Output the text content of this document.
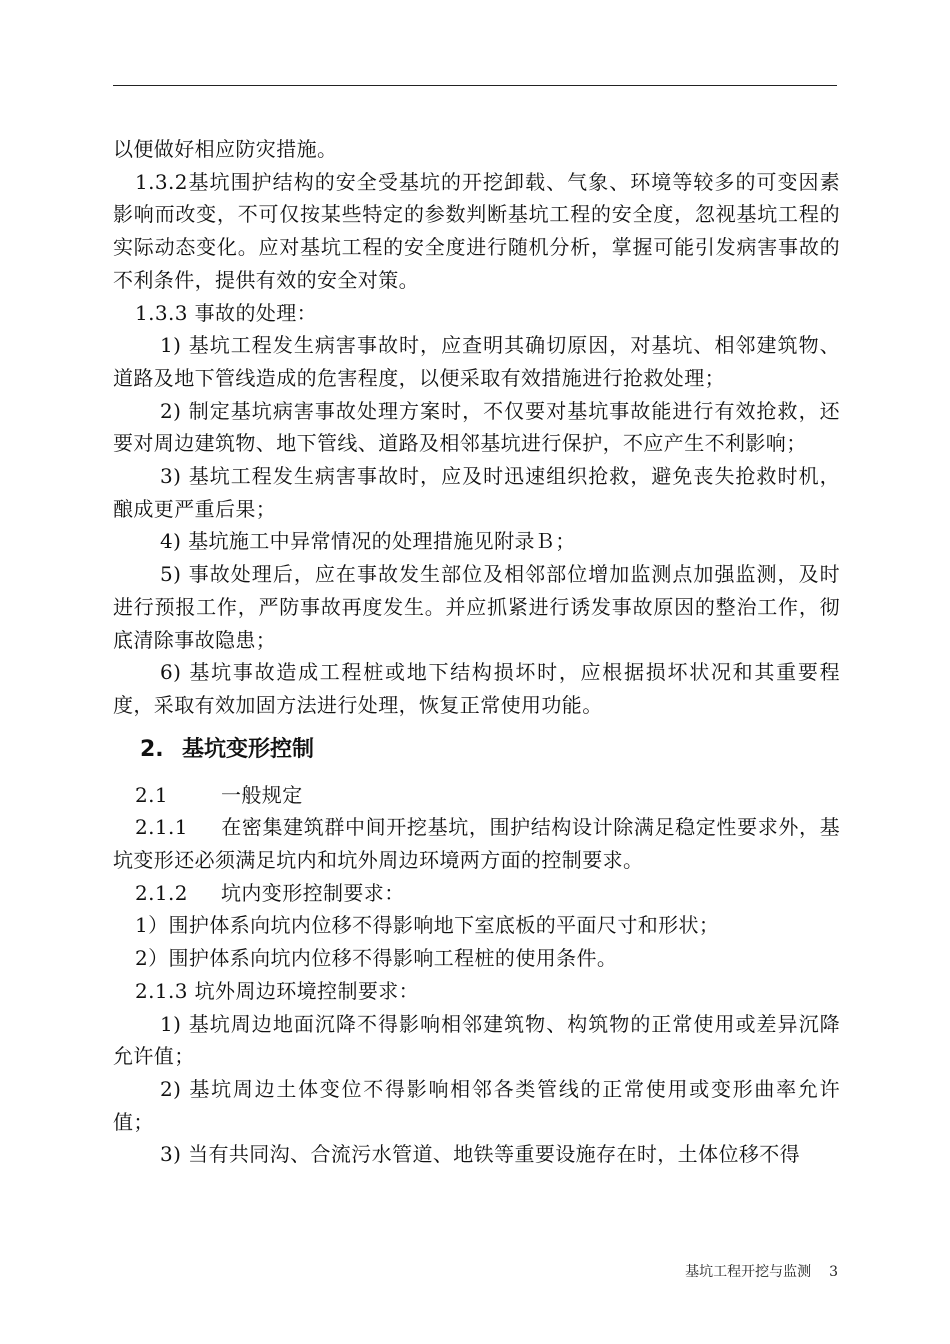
以便做好相应防灾措施。

1.3.2基坑围护结构的安全受基坑的开挖卸载、气象、环境等较多的可变因素影响而改变，不可仅按某些特定的参数判断基坑工程的安全度，忽视基坑工程的实际动态变化。应对基坑工程的安全度进行随机分析，掌握可能引发病害事故的不利条件，提供有效的安全对策。

1.3.3 事故的处理：

1) 基坑工程发生病害事故时，应查明其确切原因，对基坑、相邻建筑物、道路及地下管线造成的危害程度，以便采取有效措施进行抢救处理；

2) 制定基坑病害事故处理方案时，不仅要对基坑事故能进行有效抢救，还要对周边建筑物、地下管线、道路及相邻基坑进行保护，不应产生不利影响；

3) 基坑工程发生病害事故时，应及时迅速组织抢救，避免丧失抢救时机，酿成更严重后果；

4) 基坑施工中异常情况的处理措施见附录Ｂ；

5) 事故处理后，应在事故发生部位及相邻部位增加监测点加强监测，及时进行预报工作，严防事故再度发生。并应抓紧进行诱发事故原因的整治工作，彻底清除事故隐患；

6) 基坑事故造成工程桩或地下结构损坏时，应根据损坏状况和其重要程度，采取有效加固方法进行处理，恢复正常使用功能。

2. 基坑变形控制

2.1	一般规定

2.1.1 在密集建筑群中间开挖基坑，围护结构设计除满足稳定性要求外，基坑变形还必须满足坑内和坑外周边环境两方面的控制要求。

2.1.2 坑内变形控制要求：

1）围护体系向坑内位移不得影响地下室底板的平面尺寸和形状；

2）围护体系向坑内位移不得影响工程桩的使用条件。

2.1.3 坑外周边环境控制要求：

1) 基坑周边地面沉降不得影响相邻建筑物、构筑物的正常使用或差异沉降允许值；

2) 基坑周边土体变位不得影响相邻各类管线的正常使用或变形曲率允许值；

3) 当有共同沟、合流污水管道、地铁等重要设施存在时，土体位移不得

基坑工程开挖与监测 3
